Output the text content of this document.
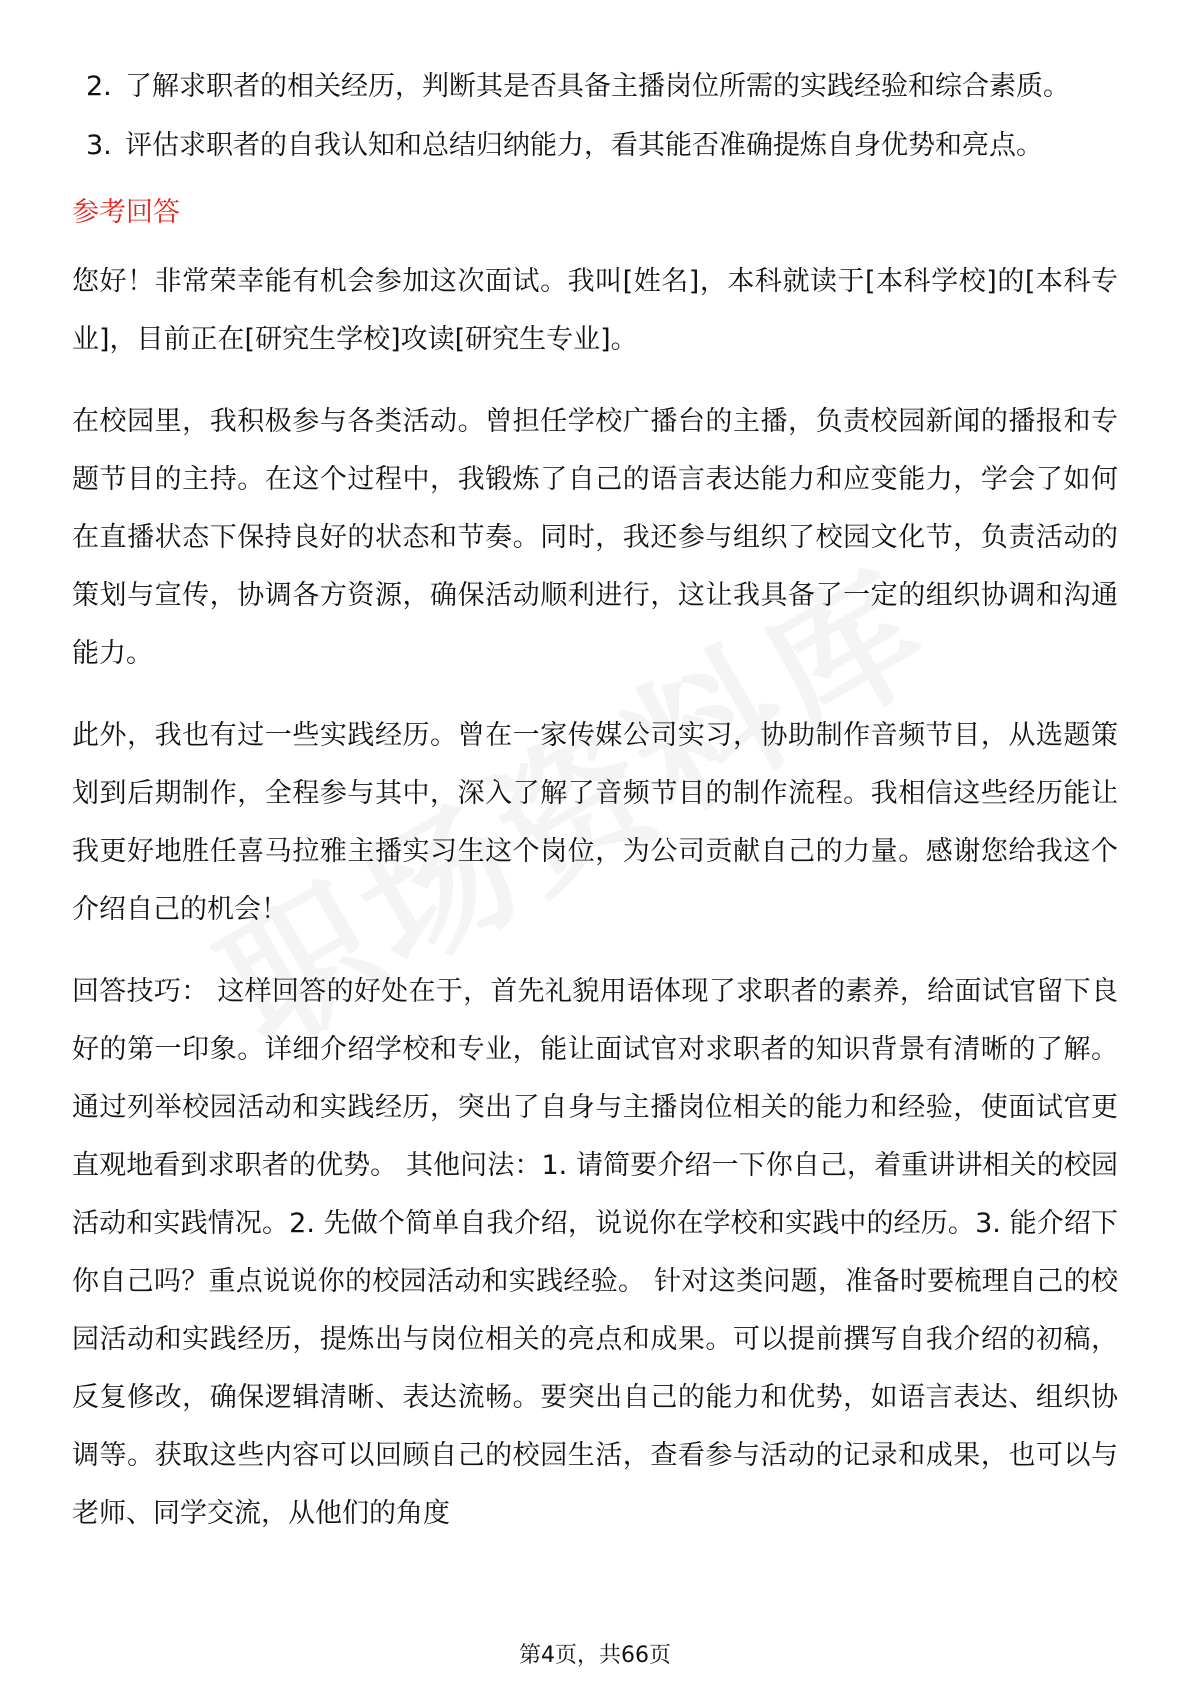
2. 了解求职者的相关经历，判断其是否具备主播岗位所需的实践经验和综合素质。
3. 评估求职者的自我认知和总结归纳能力，看其能否准确提炼自身优势和亮点。
参考回答

您好！非常荣幸能有机会参加这次面试。我叫[姓名]，本科就读于[本科学校]的[本科专业]，目前正在[研究生学校]攻读[研究生专业]。

在校园里，我积极参与各类活动。曾担任学校广播台的主播，负责校园新闻的播报和专题节目的主持。在这个过程中，我锻炼了自己的语言表达能力和应变能力，学会了如何在直播状态下保持良好的状态和节奏。同时，我还参与组织了校园文化节，负责活动的策划与宣传，协调各方资源，确保活动顺利进行，这让我具备了一定的组织协调和沟通能力。

此外，我也有过一些实践经历。曾在一家传媒公司实习，协助制作音频节目，从选题策划到后期制作，全程参与其中，深入了解了音频节目的制作流程。我相信这些经历能让我更好地胜任喜马拉雅主播实习生这个岗位，为公司贡献自己的力量。感谢您给我这个介绍自己的机会！

回答技巧： 这样回答的好处在于，首先礼貌用语体现了求职者的素养，给面试官留下良好的第一印象。详细介绍学校和专业，能让面试官对求职者的知识背景有清晰的了解。通过列举校园活动和实践经历，突出了自身与主播岗位相关的能力和经验，使面试官更直观地看到求职者的优势。 其他问法：1. 请简要介绍一下你自己，着重讲讲相关的校园活动和实践情况。2. 先做个简单自我介绍，说说你在学校和实践中的经历。3. 能介绍下你自己吗？重点说说你的校园活动和实践经验。 针对这类问题，准备时要梳理自己的校园活动和实践经历，提炼出与岗位相关的亮点和成果。可以提前撰写自我介绍的初稿，反复修改，确保逻辑清晰、表达流畅。要突出自己的能力和优势，如语言表达、组织协调等。获取这些内容可以回顾自己的校园生活，查看参与活动的记录和成果，也可以与老师、同学交流，从他们的角度

第4页，共66页
